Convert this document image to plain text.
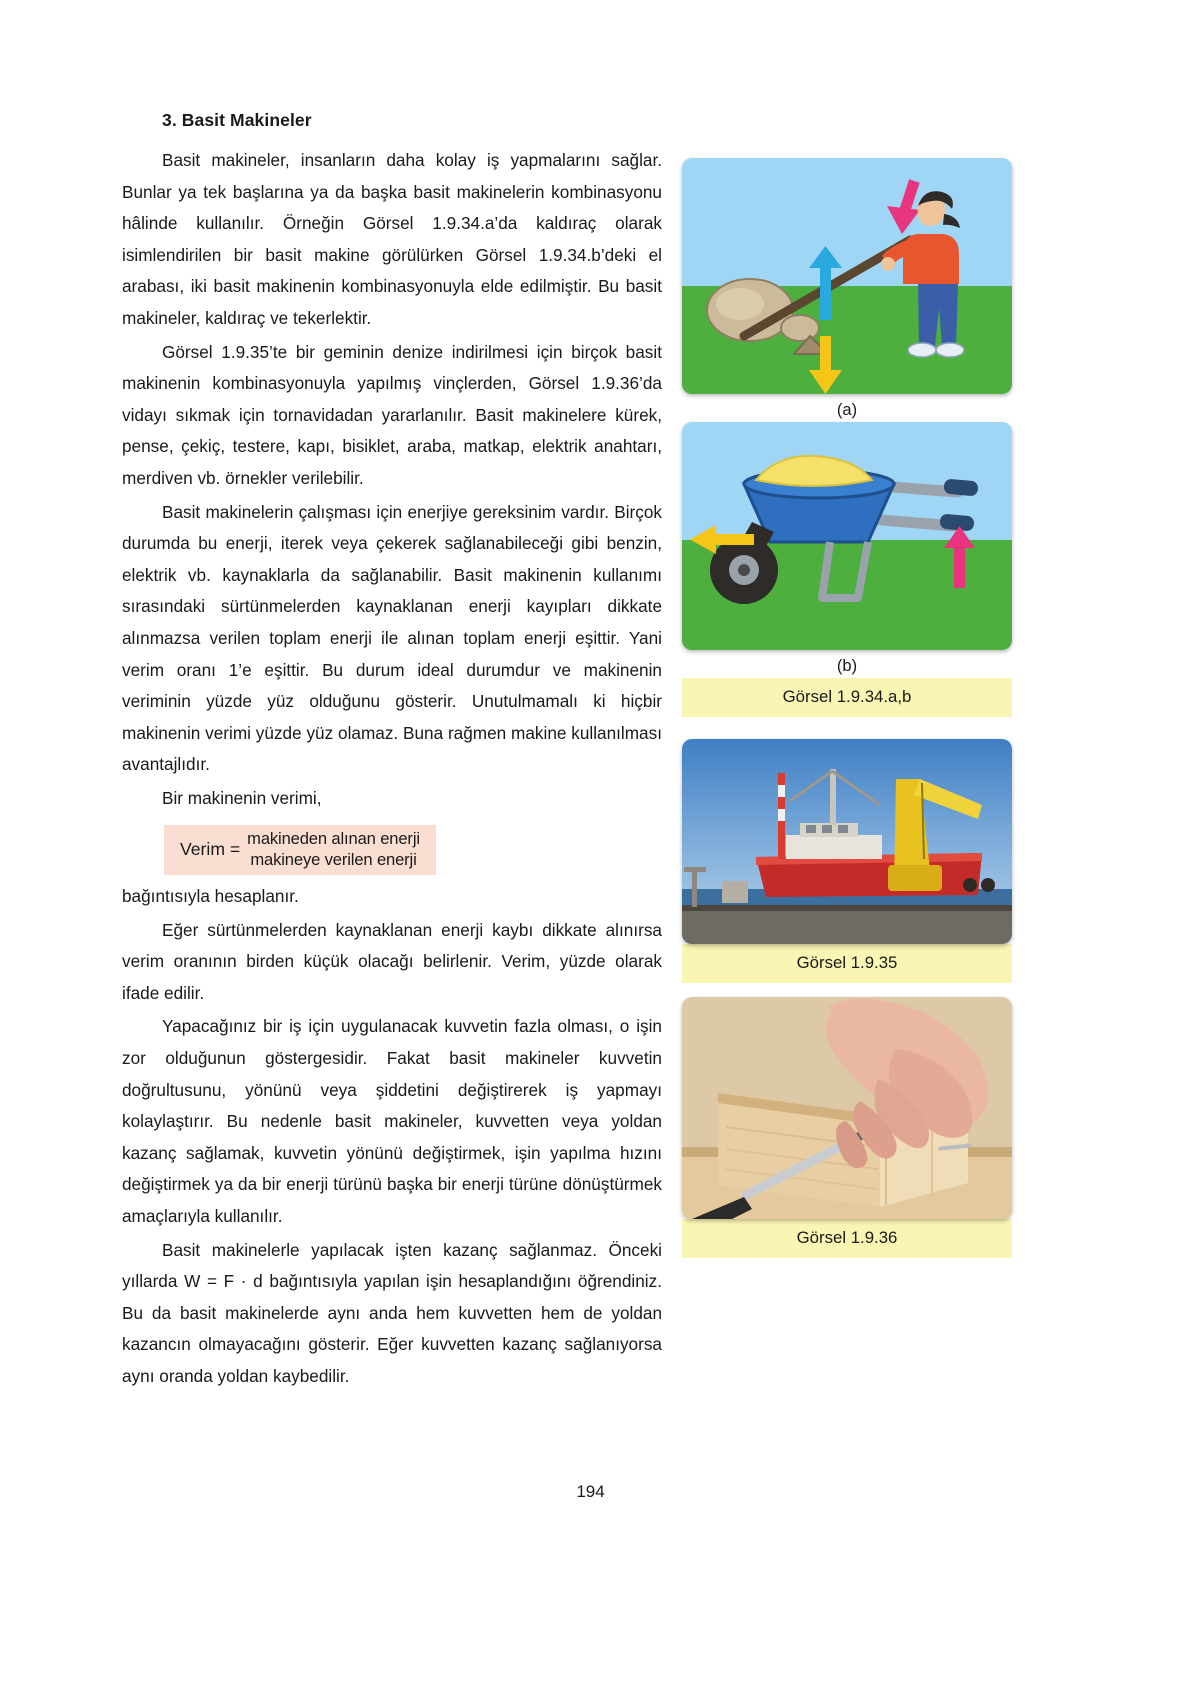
3. Basit Makineler

Basit makineler, insanların daha kolay iş yapmalarını sağlar. Bunlar ya tek başlarına ya da başka basit makinelerin kombinasyonu hâlinde kullanılır. Örneğin Görsel 1.9.34.a’da kaldıraç olarak isimlendirilen bir basit makine görülürken Görsel 1.9.34.b’deki el arabası, iki basit makinenin kombinasyonuyla elde edilmiştir. Bu basit makineler, kaldıraç ve tekerlektir.

Görsel 1.9.35’te bir geminin denize indirilmesi için birçok basit makinenin kombinasyonuyla yapılmış vinçlerden, Görsel 1.9.36’da vidayı sıkmak için tornavidadan yararlanılır. Basit makinelere kürek, pense, çekiç, testere, kapı, bisiklet, araba, matkap, elektrik anahtarı, merdiven vb. örnekler verilebilir.

Basit makinelerin çalışması için enerjiye gereksinim vardır. Birçok durumda bu enerji, iterek veya çekerek sağlanabileceği gibi benzin, elektrik vb. kaynaklarla da sağlanabilir. Basit makinenin kullanımı sırasındaki sürtünmelerden kaynaklanan enerji kayıpları dikkate alınmazsa verilen toplam enerji ile alınan toplam enerji eşittir. Yani verim oranı 1’e eşittir. Bu durum ideal durumdur ve makinenin veriminin yüzde yüz olduğunu gösterir. Unutulmamalı ki hiçbir makinenin verimi yüzde yüz olamaz. Buna rağmen makine kullanılması avantajlıdır.

Bir makinenin verimi,

Verim =
makineden alınan enerji
makineye verilen enerji

bağıntısıyla hesaplanır.

Eğer sürtünmelerden kaynaklanan enerji kaybı dikkate alınırsa verim oranının birden küçük olacağı belirlenir. Verim, yüzde olarak ifade edilir.

Yapacağınız bir iş için uygulanacak kuvvetin fazla olması, o işin zor olduğunun göstergesidir. Fakat basit makineler kuvvetin doğrultusunu, yönünü veya şiddetini değiştirerek iş yapmayı kolaylaştırır. Bu nedenle basit makineler, kuvvetten veya yoldan kazanç sağlamak, kuvvetin yönünü değiştirmek, işin yapılma hızını değiştirmek ya da bir enerji türünü başka bir enerji türüne dönüştürmek amaçlarıyla kullanılır.

Basit makinelerle yapılacak işten kazanç sağlanmaz. Önceki yıllarda W = F · d bağıntısıyla yapılan işin hesaplandığını öğrendiniz. Bu da basit makinelerde aynı anda hem kuvvetten hem de yoldan kazancın olmayacağını gösterir. Eğer kuvvetten kazanç sağlanıyorsa aynı oranda yoldan kaybedilir.

(a)
(b)
Görsel 1.9.34.a,b
Görsel 1.9.35
Görsel 1.9.36
194
